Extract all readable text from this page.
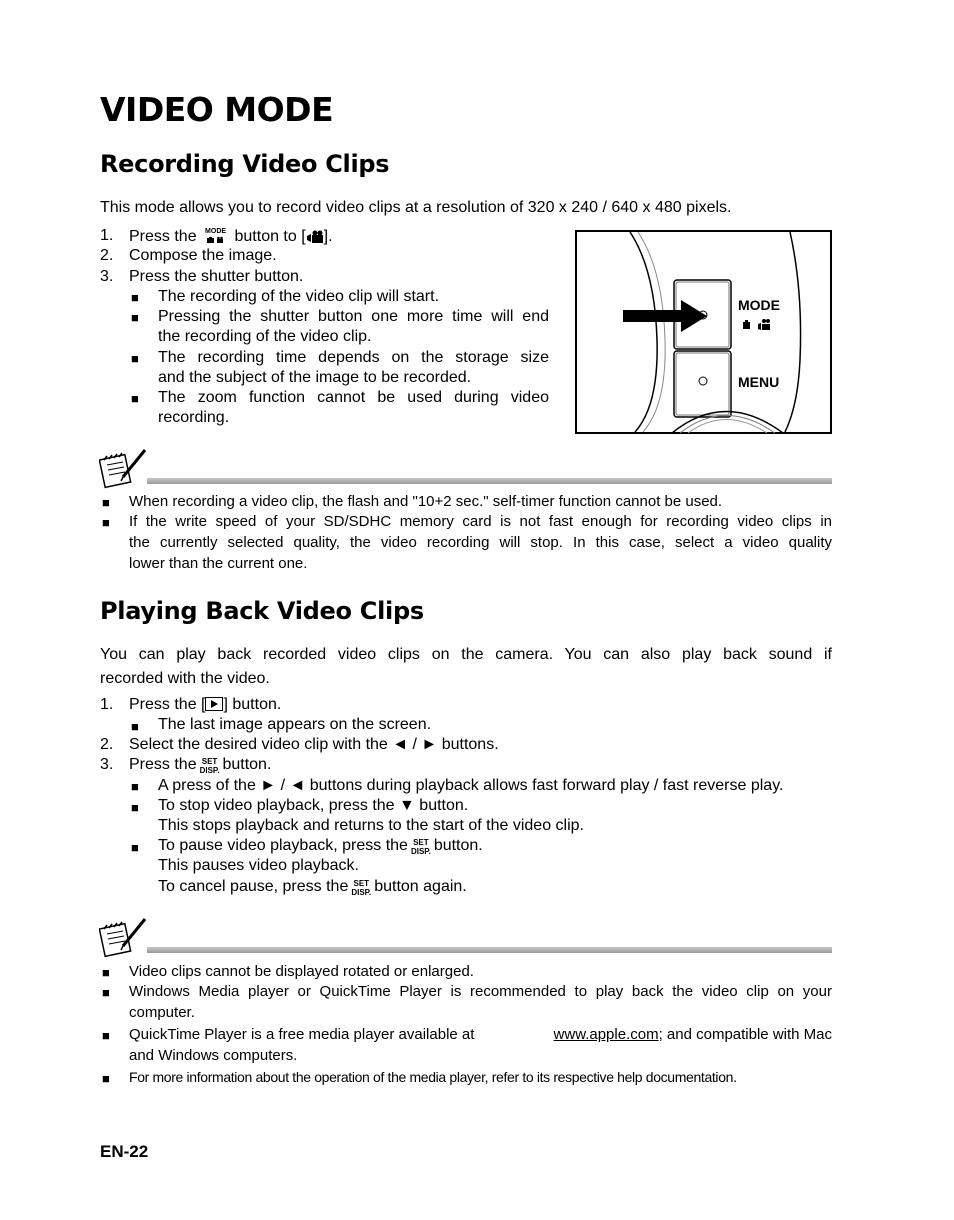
VIDEO MODE
Recording Video Clips
This mode allows you to record video clips at a resolution of 320 x 240 / 640 x 480 pixels.
1. Press the MODE button to [ ].
2. Compose the image.
3. Press the shutter button.
■ The recording of the video clip will start.
■ Pressing the shutter button one more time will end
the recording of the video clip.
■ The recording time depends on the storage size
and the subject of the image to be recorded.
■ The zoom function cannot be used during video
recording.
MODE
MENU
■ When recording a video clip, the flash and "10+2 sec." self-timer function cannot be used.
■ If the write speed of your SD/SDHC memory card is not fast enough for recording video clips in
the currently selected quality, the video recording will stop. In this case, select a video quality
lower than the current one.
Playing Back Video Clips
You can play back recorded video clips on the camera. You can also play back sound if
recorded with the video.
1. Press the [ ] button.
■ The last image appears on the screen.
2. Select the desired video clip with the ◄ / ► buttons.
3. Press the SET
DISP. button.
■ A press of the ► / ◄ buttons during playback allows fast forward play / fast reverse play.
■ To stop video playback, press the ▼ button.
This stops playback and returns to the start of the video clip.
■ To pause video playback, press the SET
DISP. button.
This pauses video playback.
To cancel pause, press the SET
DISP. button again.
■ Video clips cannot be displayed rotated or enlarged.
■ Windows Media player or QuickTime Player is recommended to play back the video clip on your
computer.
■ QuickTime Player is a free media player available at	www.apple.com; and compatible with Mac
and Windows computers.
■ For more information about the operation of the media player, refer to its respective help documentation.
EN-22
